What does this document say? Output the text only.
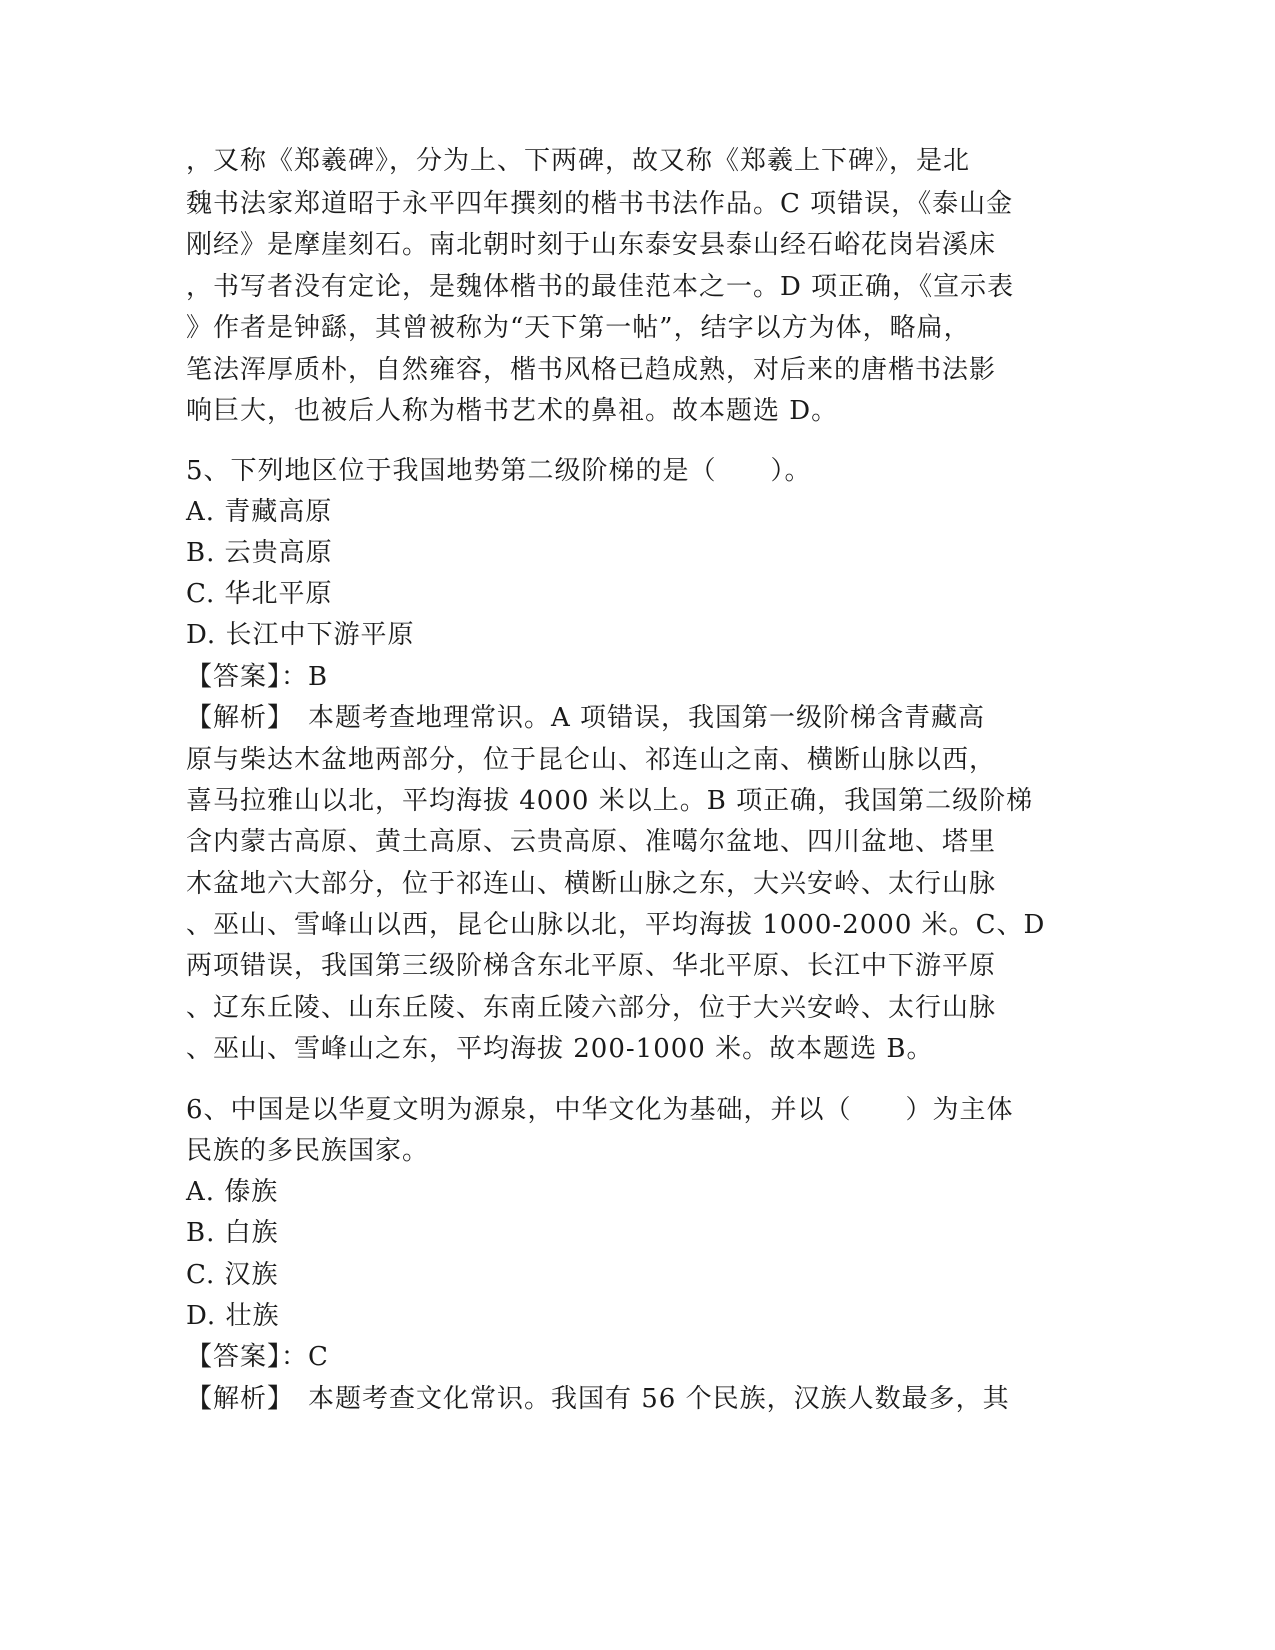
，又称《郑羲碑》，分为上、下两碑，故又称《郑羲上下碑》，是北
魏书法家郑道昭于永平四年撰刻的楷书书法作品。C 项错误，《泰山金
刚经》是摩崖刻石。南北朝时刻于山东泰安县泰山经石峪花岗岩溪床
，书写者没有定论，是魏体楷书的最佳范本之一。D 项正确，《宣示表
》作者是钟繇，其曾被称为“天下第一帖”，结字以方为体，略扁，
笔法浑厚质朴，自然雍容，楷书风格已趋成熟，对后来的唐楷书法影
响巨大，也被后人称为楷书艺术的鼻祖。故本题选 D。
5、下列地区位于我国地势第二级阶梯的是（　　）。
A. 青藏高原
B. 云贵高原
C. 华北平原
D. 长江中下游平原
【答案】：B
【解析】　本题考查地理常识。A 项错误，我国第一级阶梯含青藏高
原与柴达木盆地两部分，位于昆仑山、祁连山之南、横断山脉以西，
喜马拉雅山以北，平均海拔 4000 米以上。B 项正确，我国第二级阶梯
含内蒙古高原、黄土高原、云贵高原、准噶尔盆地、四川盆地、塔里
木盆地六大部分，位于祁连山、横断山脉之东，大兴安岭、太行山脉
、巫山、雪峰山以西，昆仑山脉以北，平均海拔 1000-2000 米。C、D
两项错误，我国第三级阶梯含东北平原、华北平原、长江中下游平原
、辽东丘陵、山东丘陵、东南丘陵六部分，位于大兴安岭、太行山脉
、巫山、雪峰山之东，平均海拔 200-1000 米。故本题选 B。
6、中国是以华夏文明为源泉，中华文化为基础，并以（　　）为主体
民族的多民族国家。
A. 傣族
B. 白族
C. 汉族
D. 壮族
【答案】：C
【解析】　本题考查文化常识。我国有 56 个民族，汉族人数最多，其
